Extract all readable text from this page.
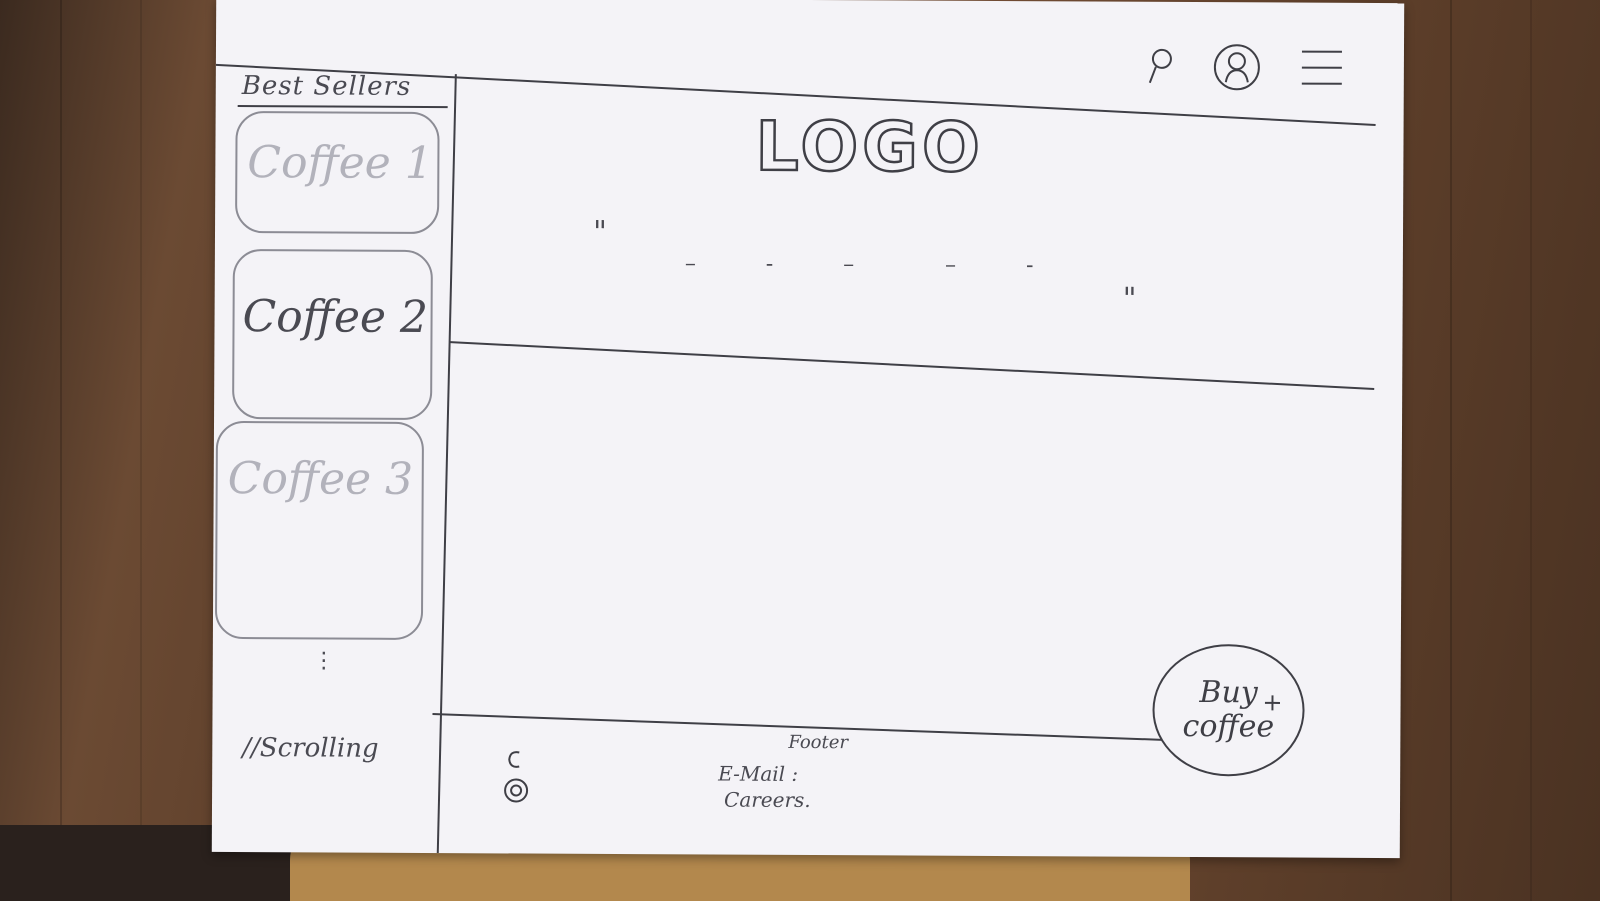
Best Sellers
Coffee 1
Coffee 2
Coffee 3
⋮
//Scrolling
LOGO
"
–          -          –             –          -
"
Buy
coffee
+
Footer
E-Mail :
Careers.
